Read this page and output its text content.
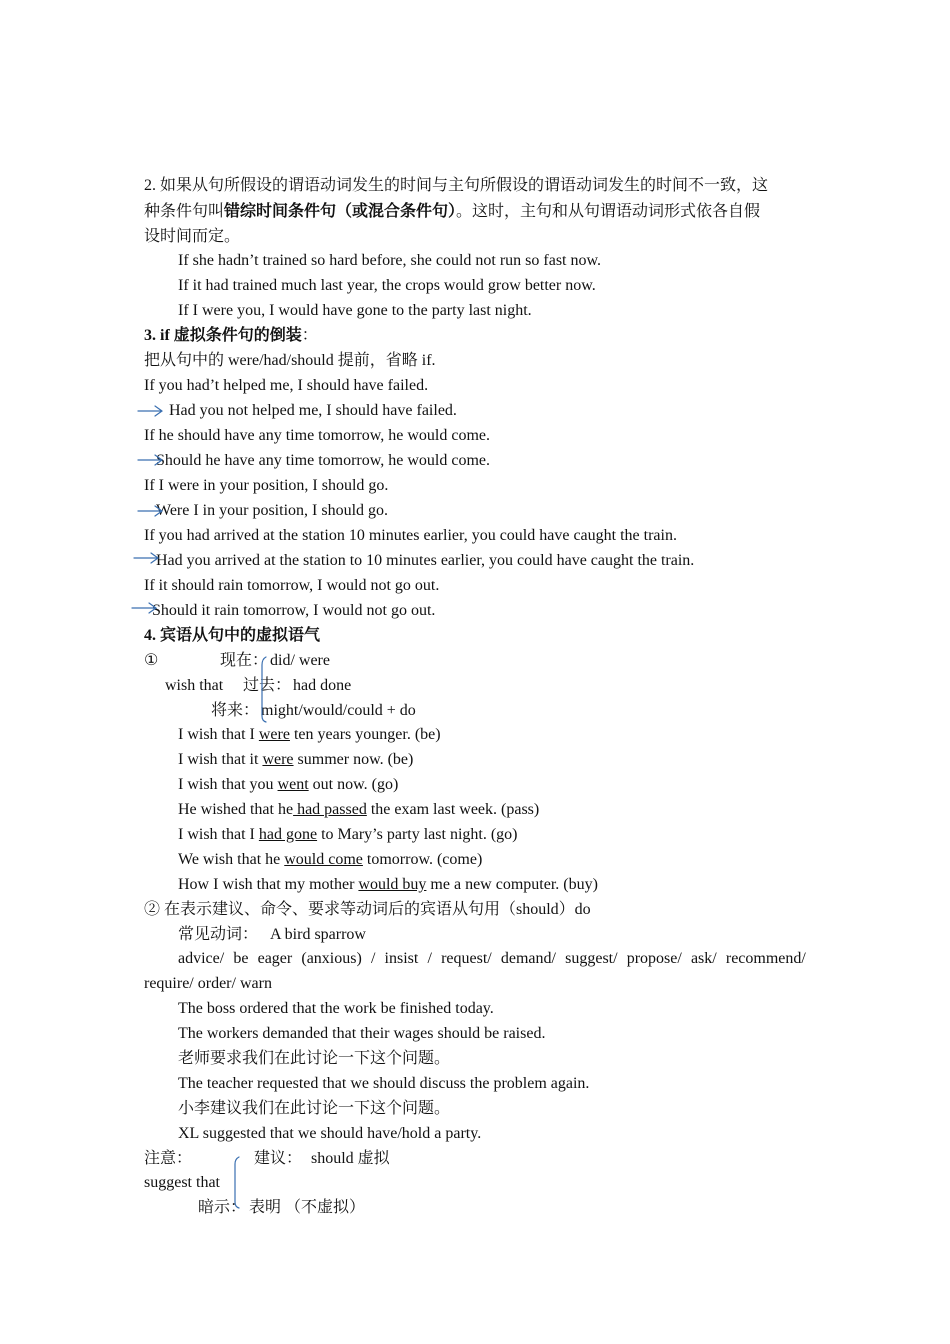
2. 如果从句所假设的谓语动词发生的时间与主句所假设的谓语动词发生的时间不一致，这
种条件句叫错综时间条件句（或混合条件句）。这时，主句和从句谓语动词形式依各自假
设时间而定。
If she hadn’t trained so hard before, she could not run so fast now.
If it had trained much last year, the crops would grow better now.
If I were you, I would have gone to the party last night.
3. if 虚拟条件句的倒装：
把从句中的 were/had/should 提前，省略 if.
If you had’t helped me, I should have failed.
Had you not helped me, I should have failed.
If he should have any time tomorrow, he would come.
Should he have any time tomorrow, he would come.
If I were in your position, I should go.
Were I in your position, I should go.
If you had arrived at the station 10 minutes earlier, you could have caught the train.
Had you arrived at the station to 10 minutes earlier, you could have caught the train.
If it should rain tomorrow, I would not go out.
Should it rain tomorrow, I would not go out.
4. 宾语从句中的虚拟语气
①	现在： did/ were
wish that 过去： had done
将来： might/would/could + do
I wish that I were ten years younger. (be)
I wish that it were summer now. (be)
I wish that you went out now. (go)
He wished that he had passed the exam last week. (pass)
I wish that I had gone to Mary’s party last night. (go)
We wish that he would come tomorrow. (come)
How I wish that my mother would buy me a new computer. (buy)
② 在表示建议、命令、要求等动词后的宾语从句用（should）do
常见动词： A bird sparrow
advice/ be eager (anxious) / insist / request/ demand/ suggest/ propose/ ask/ recommend/
require/ order/ warn
The boss ordered that the work be finished today.
The workers demanded that their wages should be raised.
老师要求我们在此讨论一下这个问题。
The teacher requested that we should discuss the problem again.
小李建议我们在此讨论一下这个问题。
XL suggested that we should have/hold a party.
注意：	建议： should 虚拟
suggest that
暗示： 表明 （不虚拟）
